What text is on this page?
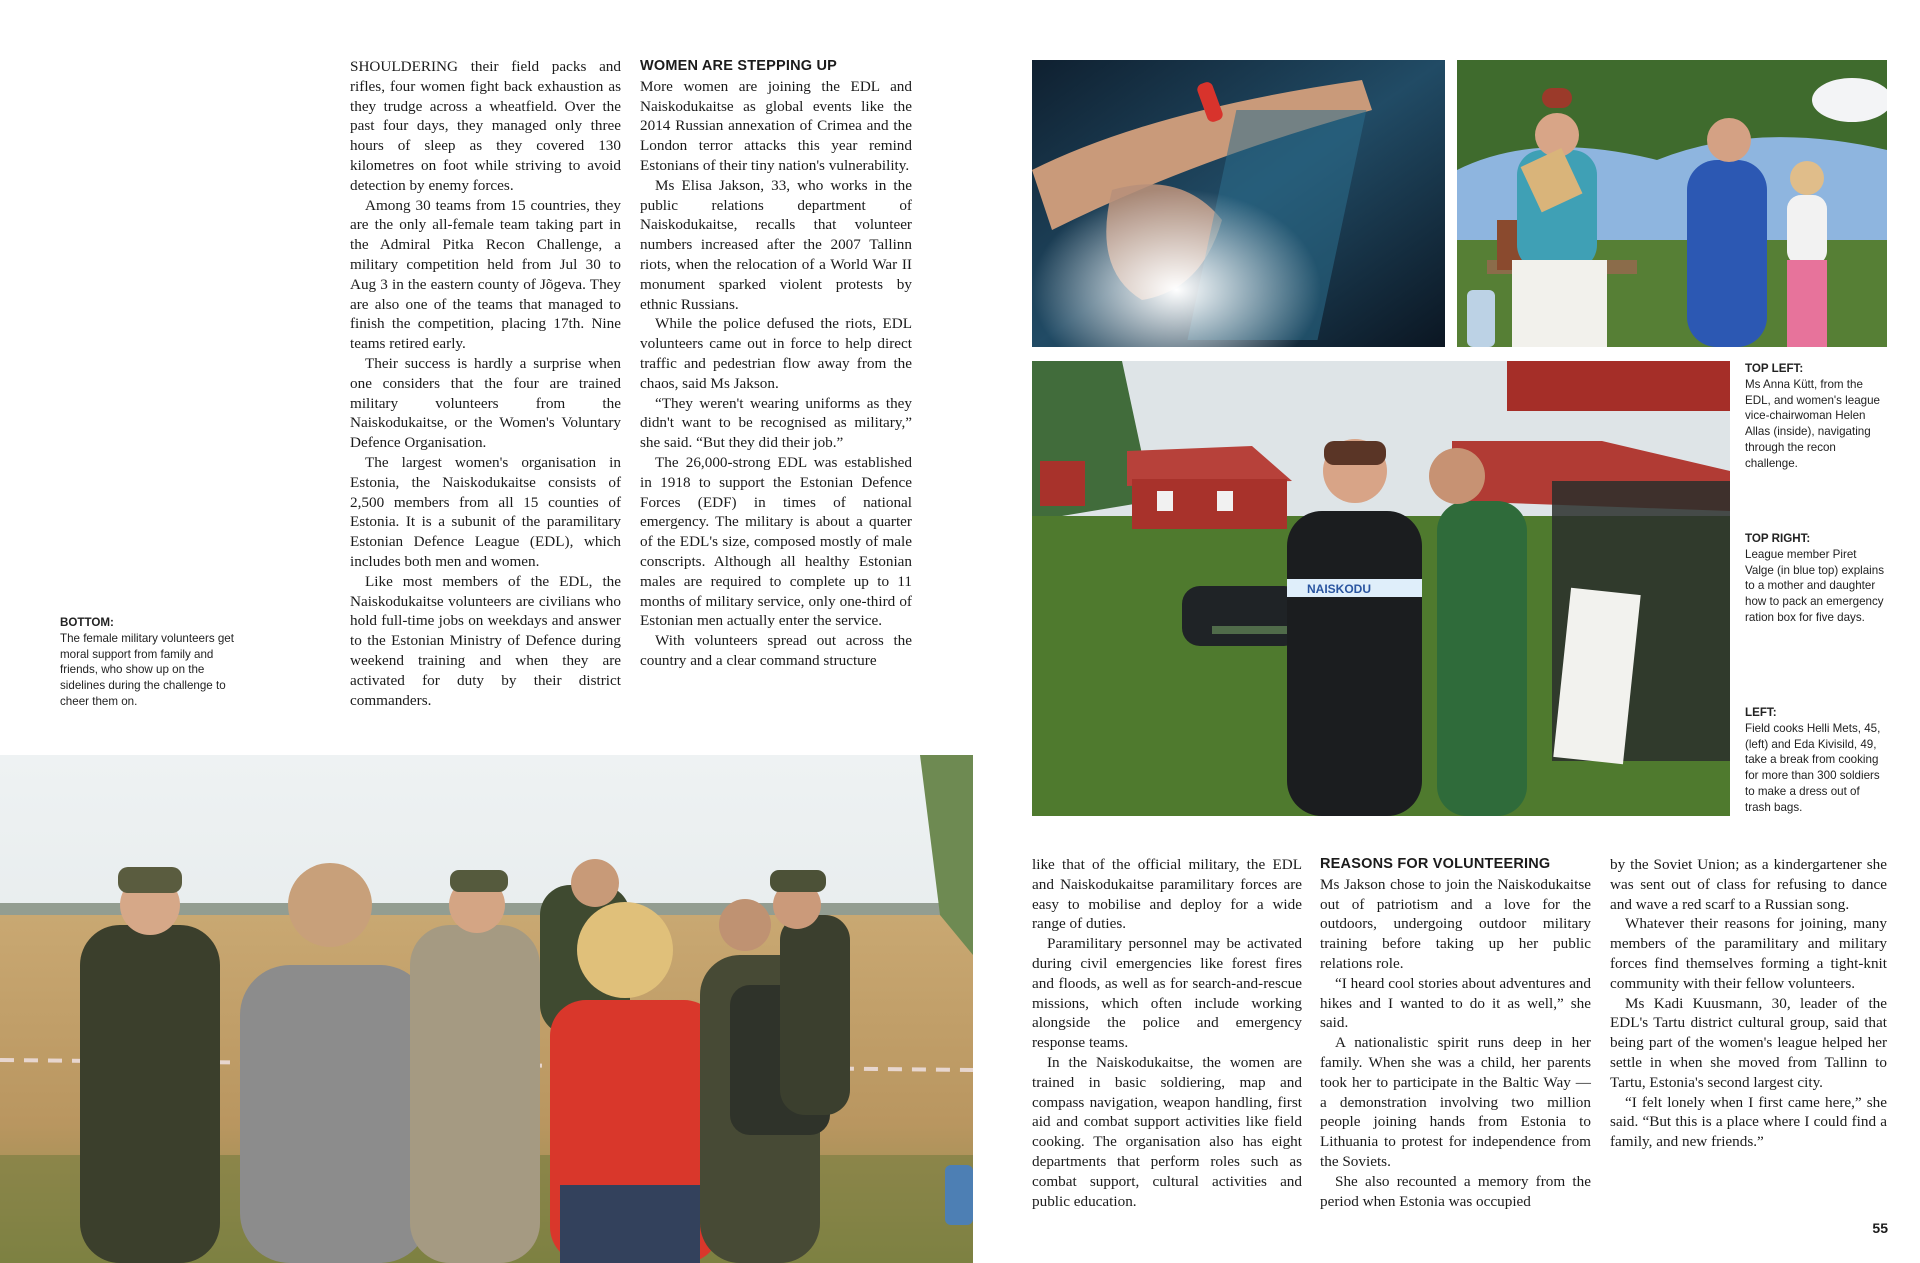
SHOULDERING their field packs and rifles, four women fight back exhaustion as they trudge across a wheatfield. Over the past four days, they managed only three hours of sleep as they covered 130 kilometres on foot while striving to avoid detection by enemy forces.

Among 30 teams from 15 countries, they are the only all-female team taking part in the Admiral Pitka Recon Challenge, a military competition held from Jul 30 to Aug 3 in the eastern county of Jõgeva. They are also one of the teams that managed to finish the competition, placing 17th. Nine teams retired early.

Their success is hardly a surprise when one considers that the four are trained military volunteers from the Naiskodukaitse, or the Women's Voluntary Defence Organisation.

The largest women's organisation in Estonia, the Naiskodukaitse consists of 2,500 members from all 15 counties of Estonia. It is a subunit of the paramilitary Estonian Defence League (EDL), which includes both men and women.

Like most members of the EDL, the Naiskodukaitse volunteers are civilians who hold full-time jobs on weekdays and answer to the Estonian Ministry of Defence during weekend training and when they are activated for duty by their district commanders.

WOMEN ARE STEPPING UP

More women are joining the EDL and Naiskodukaitse as global events like the 2014 Russian annexation of Crimea and the London terror attacks this year remind Estonians of their tiny nation's vulnerability.

Ms Elisa Jakson, 33, who works in the public relations department of Naiskodukaitse, recalls that volunteer numbers increased after the 2007 Tallinn riots, when the relocation of a World War II monument sparked violent protests by ethnic Russians.

While the police defused the riots, EDL volunteers came out in force to help direct traffic and pedestrian flow away from the chaos, said Ms Jakson.

“They weren't wearing uniforms as they didn't want to be recognised as military,” she said. “But they did their job.”

The 26,000-strong EDL was established in 1918 to support the Estonian Defence Forces (EDF) in times of national emergency. The military is about a quarter of the EDL's size, composed mostly of male conscripts. Although all healthy Estonian males are required to complete up to 11 months of military service, only one-third of Estonian men actually enter the service.

With volunteers spread out across the country and a clear command structure

BOTTOM:
The female military volunteers get moral support from family and friends, who show up on the sidelines during the challenge to cheer them on.
NAISKODU
TOP LEFT:
Ms Anna Kütt, from the EDL, and women's league vice-chairwoman Helen Allas (inside), navigating through the recon challenge.
TOP RIGHT:
League member Piret Valge (in blue top) explains to a mother and daughter how to pack an emergency ration box for five days.
LEFT:
Field cooks Helli Mets, 45, (left) and Eda Kivisild, 49, take a break from cooking for more than 300 soldiers to make a dress out of trash bags.

like that of the official military, the EDL and Naiskodukaitse paramilitary forces are easy to mobilise and deploy for a wide range of duties.

Paramilitary personnel may be activated during civil emergencies like forest fires and floods, as well as for search-and-rescue missions, which often include working alongside the police and emergency response teams.

In the Naiskodukaitse, the women are trained in basic soldiering, map and compass navigation, weapon handling, first aid and combat support activities like field cooking. The organisation also has eight departments that perform roles such as combat support, cultural activities and public education.

REASONS FOR VOLUNTEERING

Ms Jakson chose to join the Naiskodukaitse out of patriotism and a love for the outdoors, undergoing outdoor military training before taking up her public relations role.

“I heard cool stories about adventures and hikes and I wanted to do it as well,” she said.

A nationalistic spirit runs deep in her family. When she was a child, her parents took her to participate in the Baltic Way — a demonstration involving two million people joining hands from Estonia to Lithuania to protest for independence from the Soviets.

She also recounted a memory from the period when Estonia was occupied

by the Soviet Union; as a kindergartener she was sent out of class for refusing to dance and wave a red scarf to a Russian song.

Whatever their reasons for joining, many members of the paramilitary and military forces find themselves forming a tight-knit community with their fellow volunteers.

Ms Kadi Kuusmann, 30, leader of the EDL's Tartu district cultural group, said that being part of the women's league helped her settle in when she moved from Tallinn to Tartu, Estonia's second largest city.

“I felt lonely when I first came here,” she said. “But this is a place where I could find a family, and new friends.”

55
